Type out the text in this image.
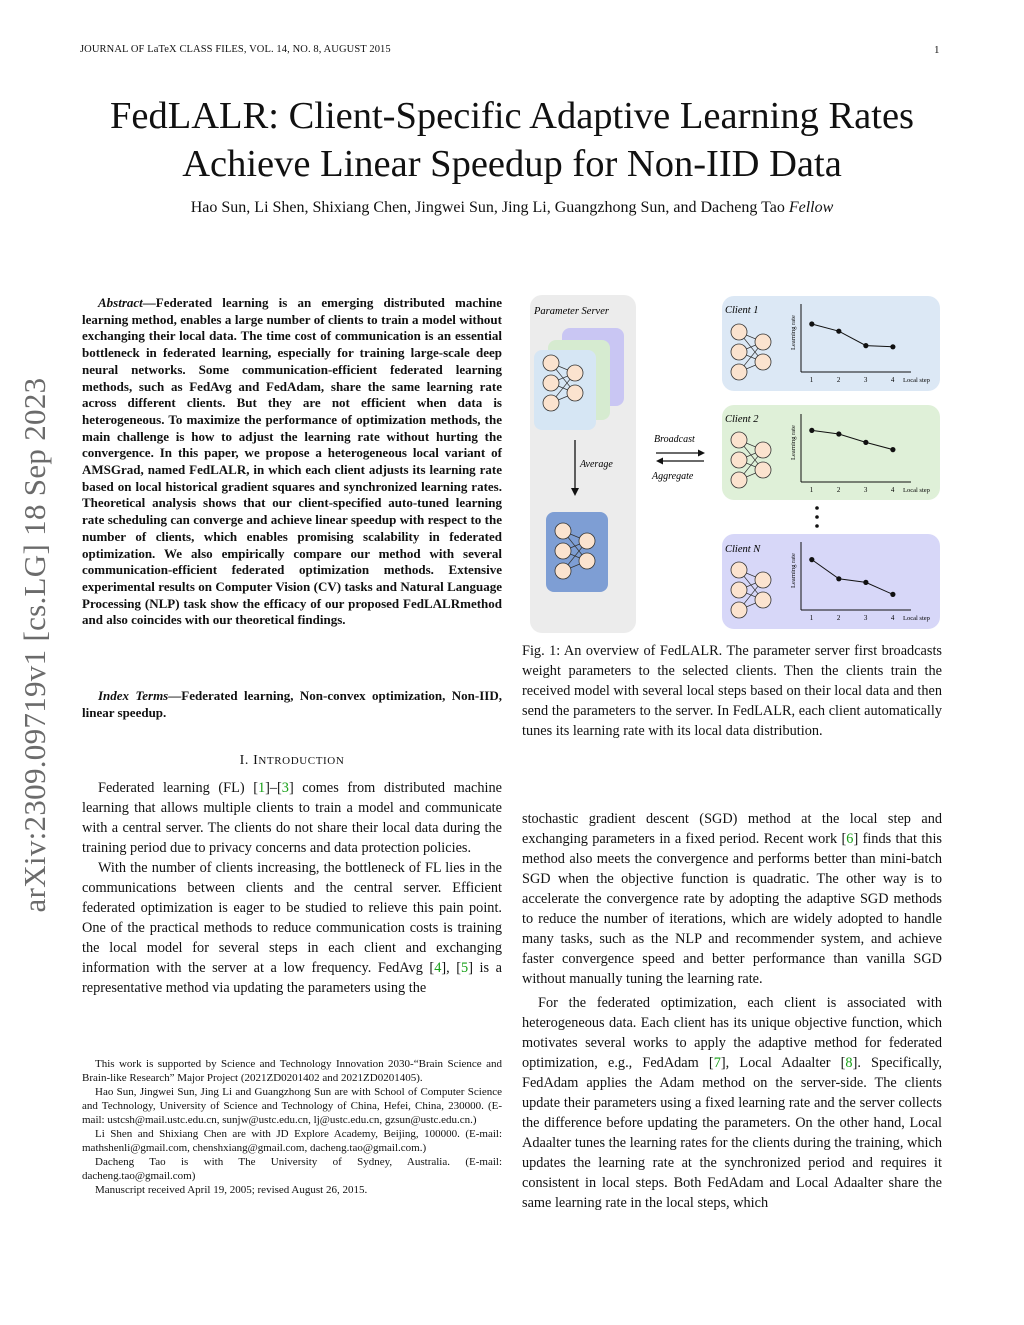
JOURNAL OF LaTeX CLASS FILES, VOL. 14, NO. 8, AUGUST 2015	1
FedLALR: Client-Specific Adaptive Learning Rates
Achieve Linear Speedup for Non-IID Data
Hao Sun, Li Shen, Shixiang Chen, Jingwei Sun, Jing Li, Guangzhong Sun, and Dacheng Tao Fellow
arXiv:2309.09719v1 [cs.LG] 18 Sep 2023
Abstract—Federated learning is an emerging distributed machine learning method, enables a large number of clients to train a model without exchanging their local data. The time cost of communication is an essential bottleneck in federated learning, especially for training large-scale deep neural networks. Some communication-efficient federated learning methods, such as FedAvg and FedAdam, share the same learning rate across different clients. But they are not efficient when data is heterogeneous. To maximize the performance of optimization methods, the main challenge is how to adjust the learning rate without hurting the convergence. In this paper, we propose a heterogeneous local variant of AMSGrad, named FedLALR, in which each client adjusts its learning rate based on local historical gradient squares and synchronized learning rates. Theoretical analysis shows that our client-specified auto-tuned learning rate scheduling can converge and achieve linear speedup with respect to the number of clients, which enables promising scalability in federated optimization. We also empirically compare our method with several communication-efficient federated optimization methods. Extensive experimental results on Computer Vision (CV) tasks and Natural Language Processing (NLP) task show the efficacy of our proposed FedLALRmethod and also coincides with our theoretical findings.
Index Terms—Federated learning, Non-convex optimization, Non-IID, linear speedup.
I. INTRODUCTION

Federated learning (FL) [1]–[3] comes from distributed machine learning that allows multiple clients to train a model and communicate with a central server. The clients do not share their local data during the training period due to privacy concerns and data protection policies.

With the number of clients increasing, the bottleneck of FL lies in the communications between clients and the central server. Efficient federated optimization is eager to be studied to relieve this pain point. One of the practical methods to reduce communication costs is training the local model for several steps in each client and exchanging information with the server at a low frequency. FedAvg [4], [5] is a representative method via updating the parameters using the

This work is supported by Science and Technology Innovation 2030-“Brain Science and Brain-like Research” Major Project (2021ZD0201402 and 2021ZD0201405).

Hao Sun, Jingwei Sun, Jing Li and Guangzhong Sun are with School of Computer Science and Technology, University of Science and Technology of China, Hefei, China, 230000. (E-mail: ustcsh@mail.ustc.edu.cn, sunjw@ustc.edu.cn, lj@ustc.edu.cn, gzsun@ustc.edu.cn.)

Li Shen and Shixiang Chen are with JD Explore Academy, Beijing, 100000. (E-mail: mathshenli@gmail.com, chenshxiang@gmail.com, dacheng.tao@gmail.com.)

Dacheng Tao is with The University of Sydney, Australia. (E-mail: dacheng.tao@gmail.com)

Manuscript received April 19, 2005; revised August 26, 2015.

Parameter Server
Average
Broadcast
Aggregate
Client 1
Client 2
Client N
Learning rate
Local step
1	2	3	4
Learning rate
Local step
1	2	3	4
Learning rate
Local step
1	2	3	4
Fig. 1: An overview of FedLALR. The parameter server first broadcasts weight parameters to the selected clients. Then the clients train the received model with several local steps based on their local data and then send the parameters to the server. In FedLALR, each client automatically tunes its learning rate with its local data distribution.

stochastic gradient descent (SGD) method at the local step and exchanging parameters in a fixed period. Recent work [6] finds that this method also meets the convergence and performs better than mini-batch SGD when the objective function is quadratic. The other way is to accelerate the convergence rate by adopting the adaptive SGD methods to reduce the number of iterations, which are widely adopted to handle many tasks, such as the NLP and recommender system, and achieve faster convergence speed and better performance than vanilla SGD without manually tuning the learning rate.

For the federated optimization, each client is associated with heterogeneous data. Each client has its unique objective function, which motivates several works to apply the adaptive method for federated optimization, e.g., FedAdam [7], Local Adaalter [8]. Specifically, FedAdam applies the Adam method on the server-side. The clients update their parameters using a fixed learning rate and the server collects the difference before updating the parameters. On the other hand, Local Adaalter tunes the learning rates for the clients during the training, which updates the learning rate at the synchronized period and requires it consistent in local steps. Both FedAdam and Local Adaalter share the same learning rate in the local steps, which
